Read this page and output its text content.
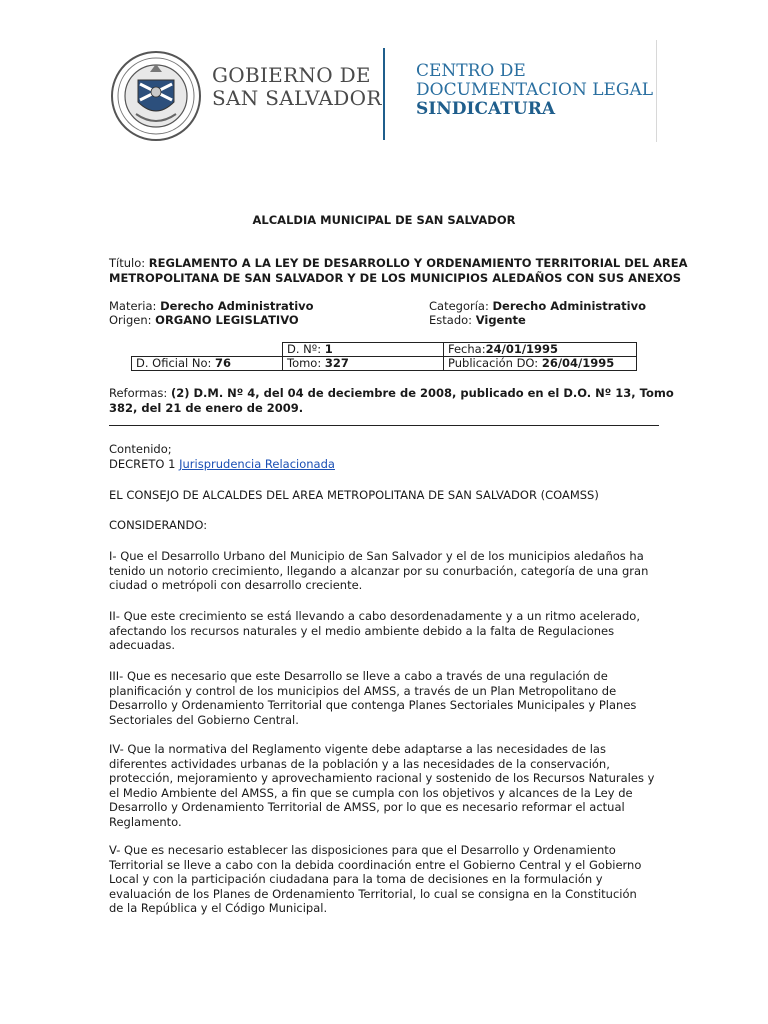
GOBIERNO DE
SAN SALVADOR
CENTRO DE
DOCUMENTACION LEGAL
SINDICATURA
ALCALDIA MUNICIPAL DE SAN SALVADOR
Título: REGLAMENTO A LA LEY DE DESARROLLO Y ORDENAMIENTO TERRITORIAL DEL AREA
METROPOLITANA DE SAN SALVADOR Y DE LOS MUNICIPIOS ALEDAÑOS CON SUS ANEXOS
Materia: Derecho Administrativo	Categoría: Derecho Administrativo
Origen: ORGANO LEGISLATIVO	Estado: Vigente
	D. Nº: 1	Fecha:24/01/1995
D. Oficial No: 76	Tomo: 327	Publicación DO: 26/04/1995
Reformas: (2) D.M. Nº 4, del 04 de deciembre de 2008, publicado en el D.O. Nº 13, Tomo
382, del 21 de enero de 2009.
Contenido;
DECRETO 1 Jurisprudencia Relacionada
EL CONSEJO DE ALCALDES DEL AREA METROPOLITANA DE SAN SALVADOR (COAMSS)
CONSIDERANDO:
I- Que el Desarrollo Urbano del Municipio de San Salvador y el de los municipios aledaños ha
tenido un notorio crecimiento, llegando a alcanzar por su conurbación, categoría de una gran
ciudad o metrópoli con desarrollo creciente.
II- Que este crecimiento se está llevando a cabo desordenadamente y a un ritmo acelerado,
afectando los recursos naturales y el medio ambiente debido a la falta de Regulaciones
adecuadas.
III- Que es necesario que este Desarrollo se lleve a cabo a través de una regulación de
planificación y control de los municipios del AMSS, a través de un Plan Metropolitano de
Desarrollo y Ordenamiento Territorial que contenga Planes Sectoriales Municipales y Planes
Sectoriales del Gobierno Central.
IV- Que la normativa del Reglamento vigente debe adaptarse a las necesidades de las
diferentes actividades urbanas de la población y a las necesidades de la conservación,
protección, mejoramiento y aprovechamiento racional y sostenido de los Recursos Naturales y
el Medio Ambiente del AMSS, a fin que se cumpla con los objetivos y alcances de la Ley de
Desarrollo y Ordenamiento Territorial de AMSS, por lo que es necesario reformar el actual
Reglamento.
V- Que es necesario establecer las disposiciones para que el Desarrollo y Ordenamiento
Territorial se lleve a cabo con la debida coordinación entre el Gobierno Central y el Gobierno
Local y con la participación ciudadana para la toma de decisiones en la formulación y
evaluación de los Planes de Ordenamiento Territorial, lo cual se consigna en la Constitución
de la República y el Código Municipal.
